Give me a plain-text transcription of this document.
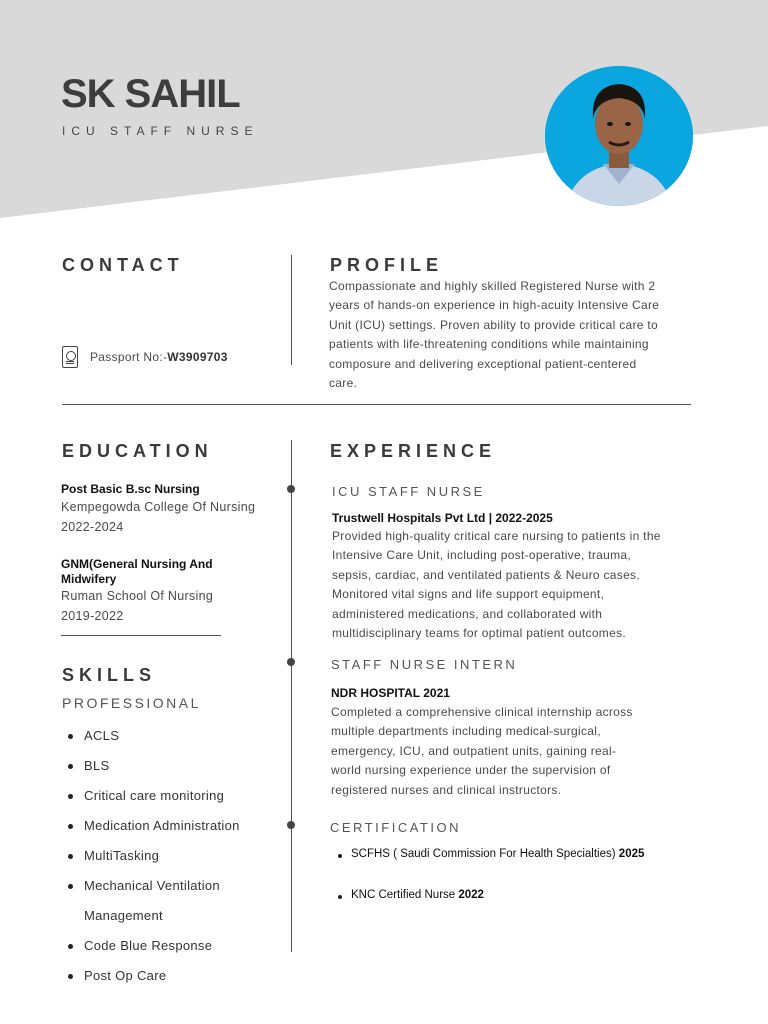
SK SAHIL
ICU STAFF NURSE
CONTACT
Passport No:-W3909703
PROFILE
Compassionate and highly skilled Registered Nurse with 2
years of hands-on experience in high-acuity Intensive Care
Unit (ICU) settings. Proven ability to provide critical care to
patients with life-threatening conditions while maintaining
composure and delivering exceptional patient-centered
care.
EDUCATION
Post Basic B.sc Nursing
Kempegowda College Of Nursing
2022-2024
GNM(General Nursing And
Midwifery
Ruman School Of Nursing
2019-2022
SKILLS
PROFESSIONAL
ACLS
BLS
Critical care monitoring
Medication Administration
MultiTasking
Mechanical Ventilation
Management
Code Blue Response
Post Op Care
EXPERIENCE
ICU STAFF NURSE
Trustwell Hospitals Pvt Ltd | 2022-2025
Provided high-quality critical care nursing to patients in the
Intensive Care Unit, including post-operative, trauma,
sepsis, cardiac, and ventilated patients & Neuro cases.
Monitored vital signs and life support equipment,
administered medications, and collaborated with
multidisciplinary teams for optimal patient outcomes.
STAFF NURSE INTERN
NDR HOSPITAL 2021
Completed a comprehensive clinical internship across
multiple departments including medical-surgical,
emergency, ICU, and outpatient units, gaining real-
world nursing experience under the supervision of
registered nurses and clinical instructors.
CERTIFICATION
SCFHS ( Saudi Commission For Health Specialties) 2025
KNC Certified Nurse 2022
